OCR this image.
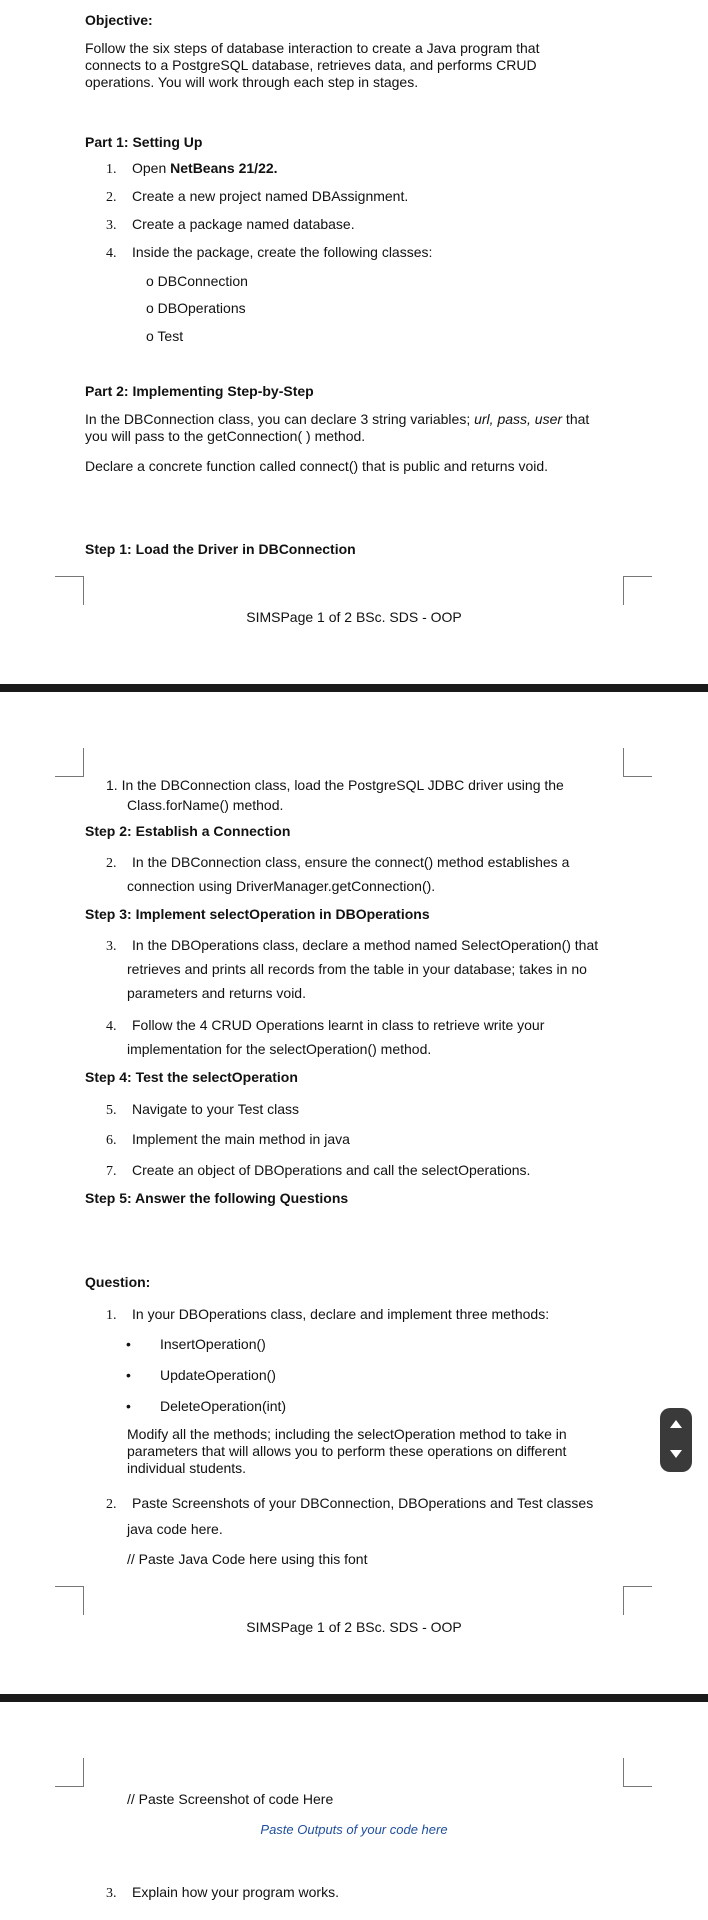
Objective:
Follow the six steps of database interaction to create a Java program that connects to a PostgreSQL database, retrieves data, and performs CRUD operations. You will work through each step in stages.
Part 1: Setting Up
1. Open NetBeans 21/22.
2. Create a new project named DBAssignment.
3. Create a package named database.
4. Inside the package, create the following classes:
o DBConnection
o DBOperations
o Test
Part 2: Implementing Step-by-Step
In the DBConnection class, you can declare 3 string variables; url, pass, user that you will pass to the getConnection( ) method.
Declare a concrete function called connect() that is public and returns void.
Step 1: Load the Driver in DBConnection
SIMSPage 1 of 2 BSc. SDS - OOP
1. In the DBConnection class, load the PostgreSQL JDBC driver using the
Class.forName() method.
Step 2: Establish a Connection
2. In the DBConnection class, ensure the connect() method establishes a
connection using DriverManager.getConnection().
Step 3: Implement selectOperation in DBOperations
3. In the DBOperations class, declare a method named SelectOperation() that
retrieves and prints all records from the table in your database; takes in no
parameters and returns void.
4. Follow the 4 CRUD Operations learnt in class to retrieve write your
implementation for the selectOperation() method.
Step 4: Test the selectOperation
5. Navigate to your Test class
6. Implement the main method in java
7. Create an object of DBOperations and call the selectOperations.
Step 5: Answer the following Questions
Question:
1. In your DBOperations class, declare and implement three methods:
• InsertOperation()
• UpdateOperation()
• DeleteOperation(int)
Modify all the methods; including the selectOperation method to take in parameters that will allows you to perform these operations on different individual students.
2. Paste Screenshots of your DBConnection, DBOperations and Test classes
java code here.
// Paste Java Code here using this font
SIMSPage 1 of 2 BSc. SDS - OOP
// Paste Screenshot of code Here
Paste Outputs of your code here
3. Explain how your program works.
